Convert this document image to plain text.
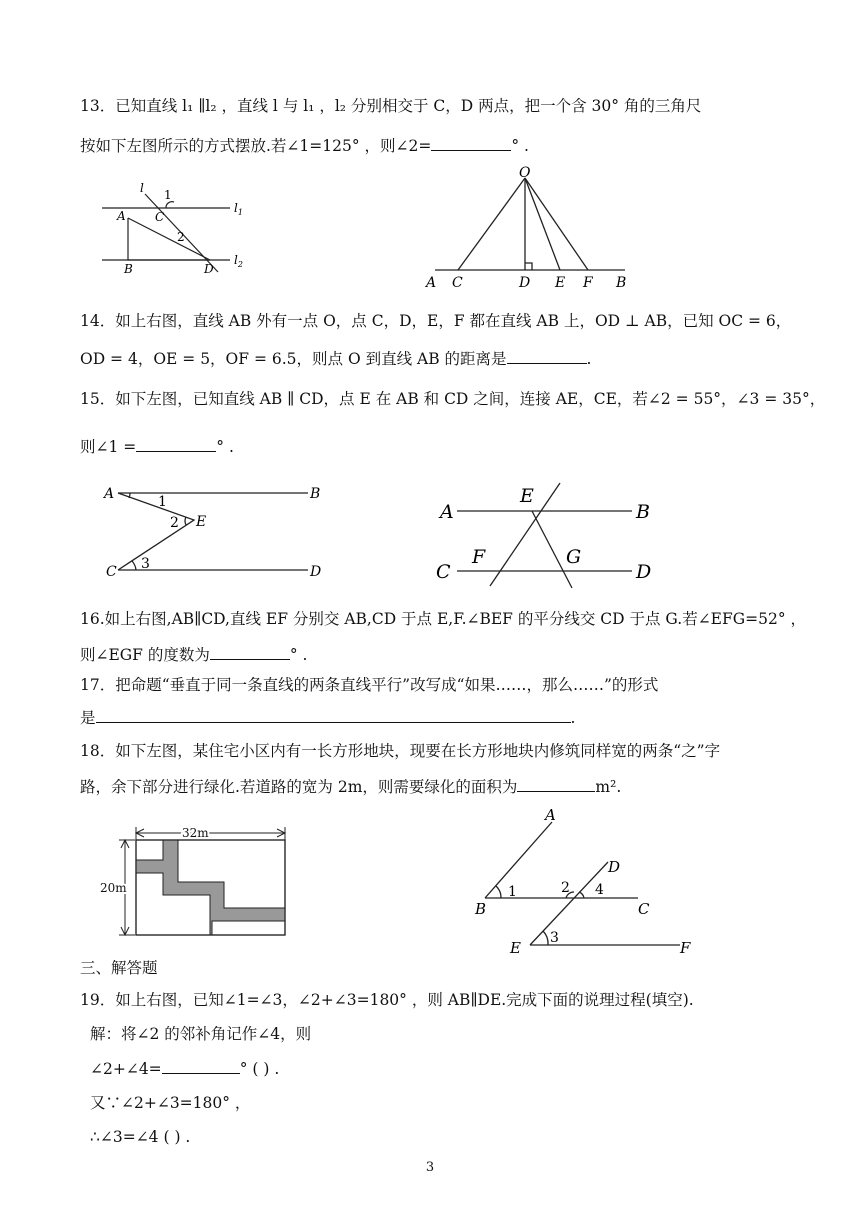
13．已知直线 l₁ ∥l₂ ，直线 l 与 l₁ ，l₂ 分别相交于 C，D 两点，把一个含 30° 角的三角尺
按如下左图所示的方式摆放.若∠1=125° ，则∠2=	° .
l 1
A C
2
$l_1$
B	D
$l_2$
O
A C	D E F B
14．如上右图，直线 AB 外有一点 O，点 C，D，E，F 都在直线 AB 上，OD ⊥ AB，已知 OC = 6，
OD = 4，OE = 5，OF = 6.5，则点 O 到直线 AB 的距离是	.
15．如下左图，已知直线 AB ∥ CD，点 E 在 AB 和 CD 之间，连接 AE，CE，若∠2 = 55°，∠3 = 35°，
则∠1 =	° .
A	1	B
2 E
C 3	D
E
A	B
F	G
C	D
16.如上右图,AB∥CD,直线 EF 分别交 AB,CD 于点 E,F.∠BEF 的平分线交 CD 于点 G.若∠EFG=52° ，
则∠EGF 的度数为	° .
17．把命题“垂直于同一条直线的两条直线平行”改写成“如果……，那么……”的形式
是	.
18．如下左图，某住宅小区内有一长方形地块，现要在长方形地块内修筑同样宽的两条“之”字
路，余下部分进行绿化.若道路的宽为 2m，则需要绿化的面积为	m².
32m
20m
A
D
2 4
1
B	C
3
E	F
三、解答题
19．如上右图，已知∠1=∠3，∠2+∠3=180° ，则 AB∥DE.完成下面的说理过程(填空).
解：将∠2 的邻补角记作∠4，则
∠2+∠4=	° ( ) .
又∵∠2+∠3=180° ，
∴∠3=∠4 ( ) .
3
